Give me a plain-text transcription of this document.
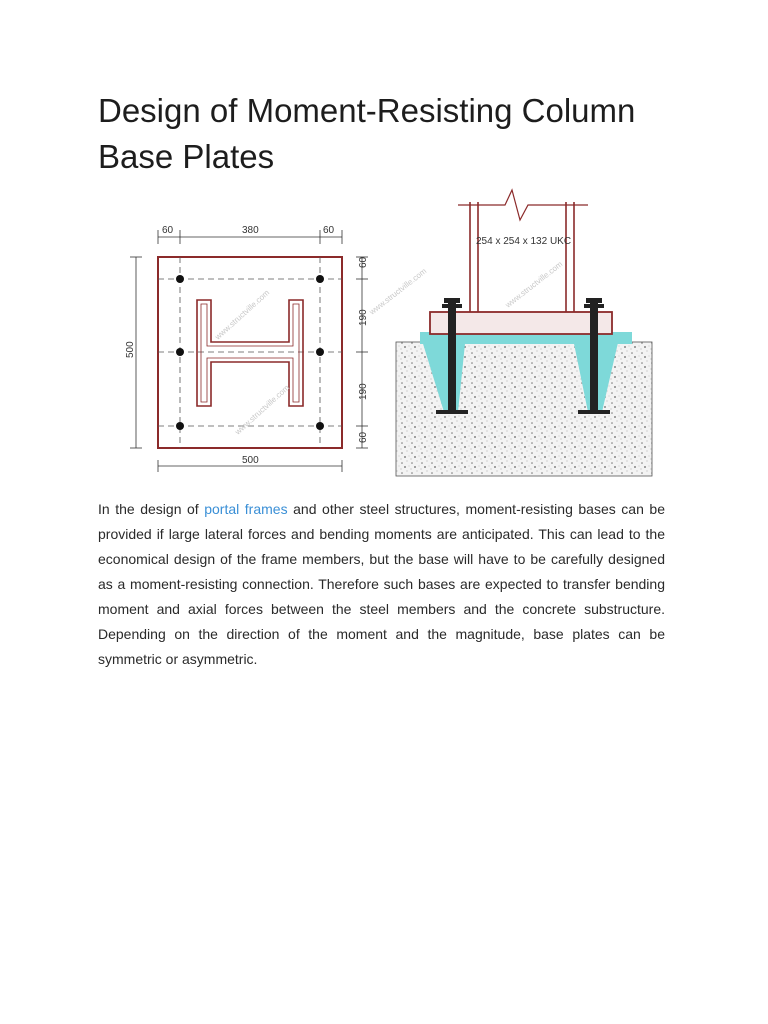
Design of Moment-Resisting Column Base Plates
60	380	60
500
www.structville.com
www.structville.com
60
190
190
60
500
254 x 254 x 132 UKC
www.structville.com	www.structville.com

In the design of portal frames and other steel structures, moment-resisting bases can be provided if large lateral forces and bending moments are anticipated. This can lead to the economical design of the frame members, but the base will have to be carefully designed as a moment-resisting connection. Therefore such bases are expected to transfer bending moment and axial forces between the steel members and the concrete substructure. Depending on the direction of the moment and the magnitude, base plates can be symmetric or asymmetric.
